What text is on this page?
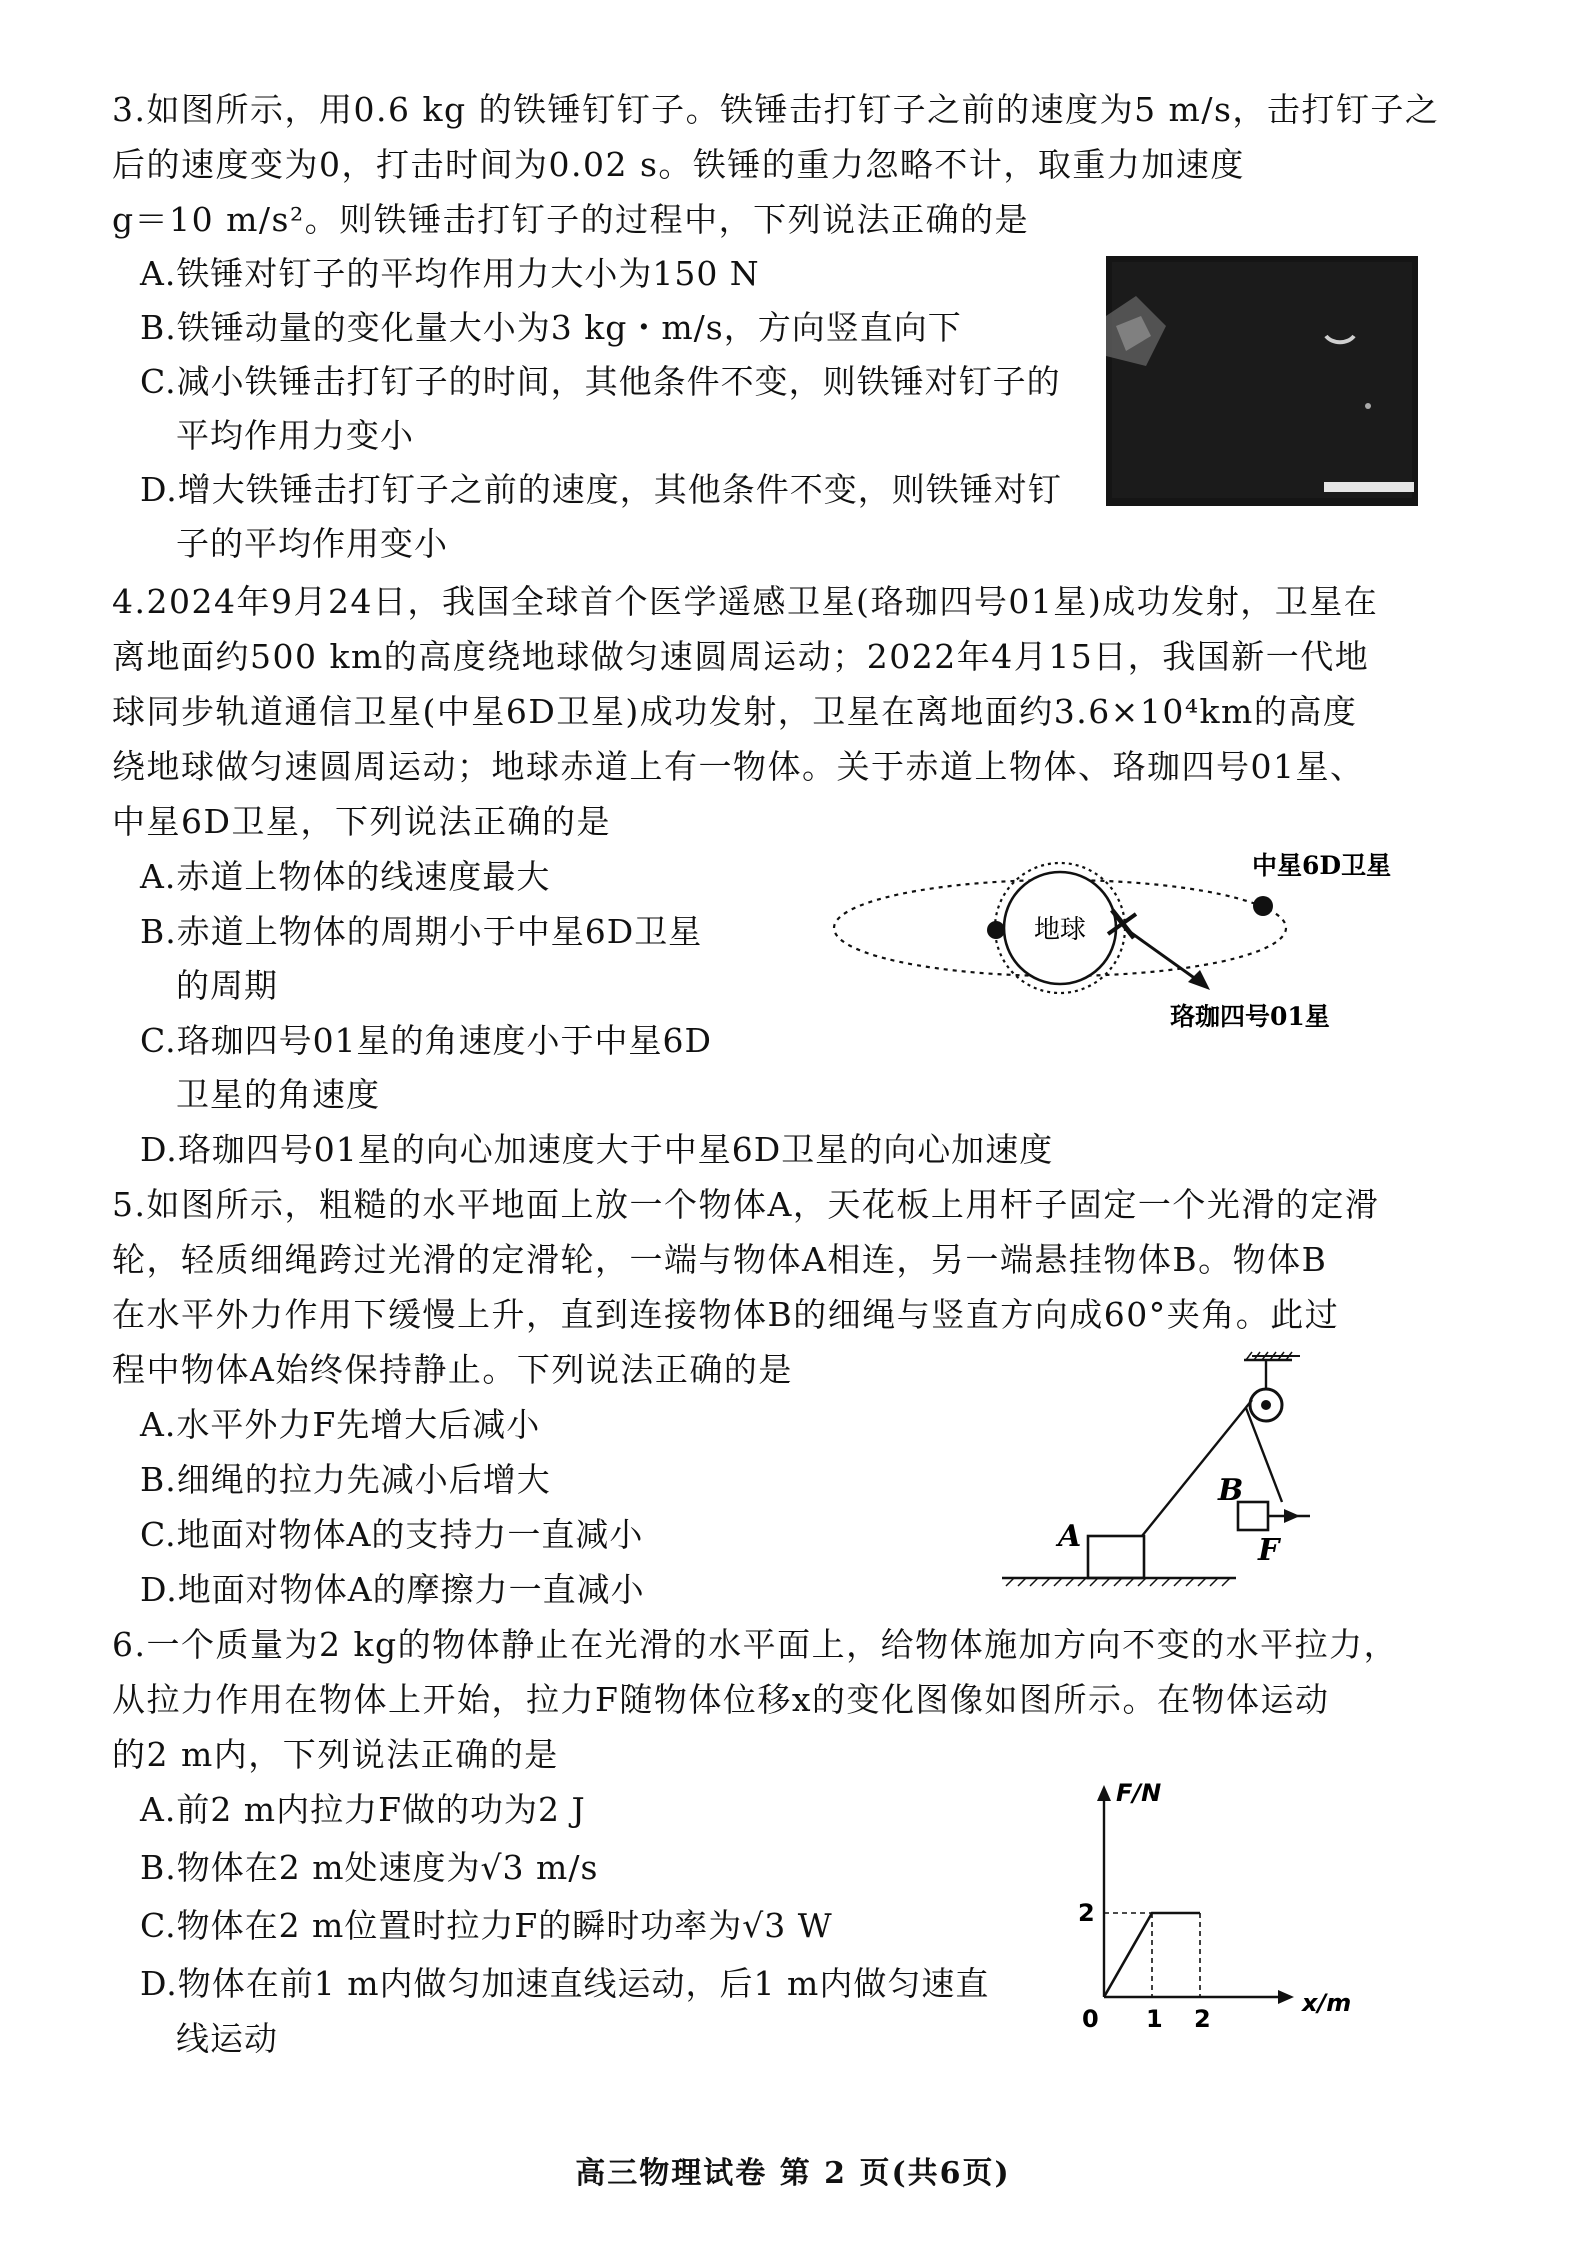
3.如图所示，用0.6 kg 的铁锤钉钉子。铁锤击打钉子之前的速度为5 m/s，击打钉子之
后的速度变为0，打击时间为0.02 s。铁锤的重力忽略不计，取重力加速度
g＝10 m/s²。则铁锤击打钉子的过程中，下列说法正确的是
A.铁锤对钉子的平均作用力大小为150 N
B.铁锤动量的变化量大小为3 kg・m/s，方向竖直向下
C.减小铁锤击打钉子的时间，其他条件不变，则铁锤对钉子的
平均作用力变小
D.增大铁锤击打钉子之前的速度，其他条件不变，则铁锤对钉
子的平均作用变小
4.2024年9月24日，我国全球首个医学遥感卫星(珞珈四号01星)成功发射，卫星在
离地面约500 km的高度绕地球做匀速圆周运动；2022年4月15日，我国新一代地
球同步轨道通信卫星(中星6D卫星)成功发射，卫星在离地面约3.6×10⁴km的高度
绕地球做匀速圆周运动；地球赤道上有一物体。关于赤道上物体、珞珈四号01星、
中星6D卫星，下列说法正确的是
A.赤道上物体的线速度最大
B.赤道上物体的周期小于中星6D卫星
的周期
C.珞珈四号01星的角速度小于中星6D
卫星的角速度
D.珞珈四号01星的向心加速度大于中星6D卫星的向心加速度
地球
中星6D卫星
珞珈四号01星
5.如图所示，粗糙的水平地面上放一个物体A，天花板上用杆子固定一个光滑的定滑
轮，轻质细绳跨过光滑的定滑轮，一端与物体A相连，另一端悬挂物体B。物体B
在水平外力作用下缓慢上升，直到连接物体B的细绳与竖直方向成60°夹角。此过
程中物体A始终保持静止。下列说法正确的是
A.水平外力F先增大后减小
B.细绳的拉力先减小后增大
C.地面对物体A的支持力一直减小
D.地面对物体A的摩擦力一直减小
A
B
F
6.一个质量为2 kg的物体静止在光滑的水平面上，给物体施加方向不变的水平拉力，
从拉力作用在物体上开始，拉力F随物体位移x的变化图像如图所示。在物体运动
的2 m内，下列说法正确的是
A.前2 m内拉力F做的功为2 J
B.物体在2 m处速度为√3 m/s
C.物体在2 m位置时拉力F的瞬时功率为√3 W
D.物体在前1 m内做匀加速直线运动，后1 m内做匀速直
线运动
x/m
F/N
0 1 2
2
高三物理试卷 第 2 页(共6页)
